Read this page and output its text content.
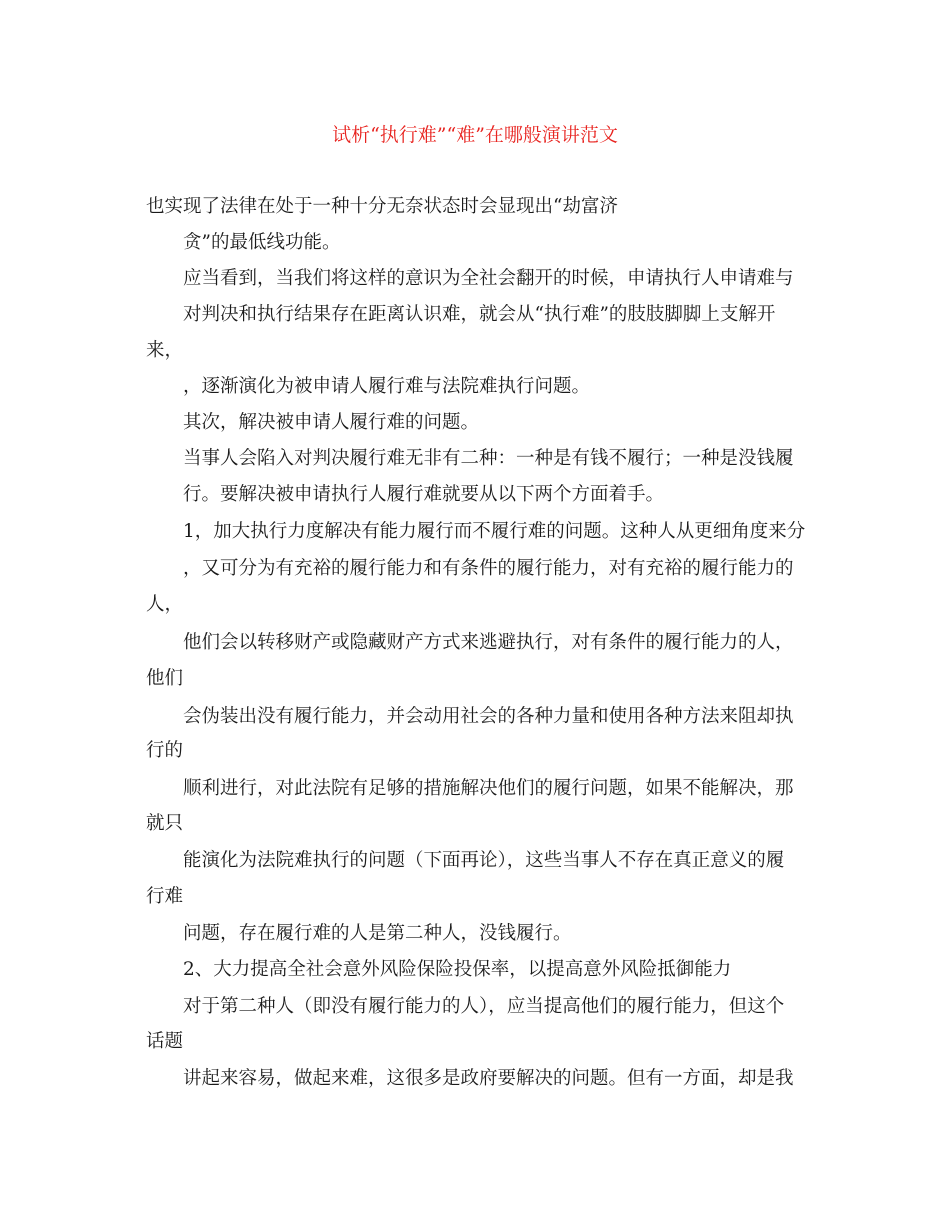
试析“执行难”“难”在哪般演讲范文
也实现了法律在处于一种十分无奈状态时会显现出“劫富济
贪”的最低线功能。
应当看到，当我们将这样的意识为全社会翻开的时候，申请执行人申请难与
对判决和执行结果存在距离认识难，就会从“执行难”的肢肢脚脚上支解开
来，
，逐渐演化为被申请人履行难与法院难执行问题。
其次，解决被申请人履行难的问题。
当事人会陷入对判决履行难无非有二种：一种是有钱不履行；一种是没钱履
行。要解决被申请执行人履行难就要从以下两个方面着手。
1，加大执行力度解决有能力履行而不履行难的问题。这种人从更细角度来分
，又可分为有充裕的履行能力和有条件的履行能力，对有充裕的履行能力的
人，
他们会以转移财产或隐藏财产方式来逃避执行，对有条件的履行能力的人，
他们
会伪装出没有履行能力，并会动用社会的各种力量和使用各种方法来阻却执
行的
顺利进行，对此法院有足够的措施解决他们的履行问题，如果不能解决，那
就只
能演化为法院难执行的问题（下面再论），这些当事人不存在真正意义的履
行难
问题，存在履行难的人是第二种人，没钱履行。
2、大力提高全社会意外风险保险投保率，以提高意外风险抵御能力
对于第二种人（即没有履行能力的人），应当提高他们的履行能力，但这个
话题
讲起来容易，做起来难，这很多是政府要解决的问题。但有一方面，却是我
